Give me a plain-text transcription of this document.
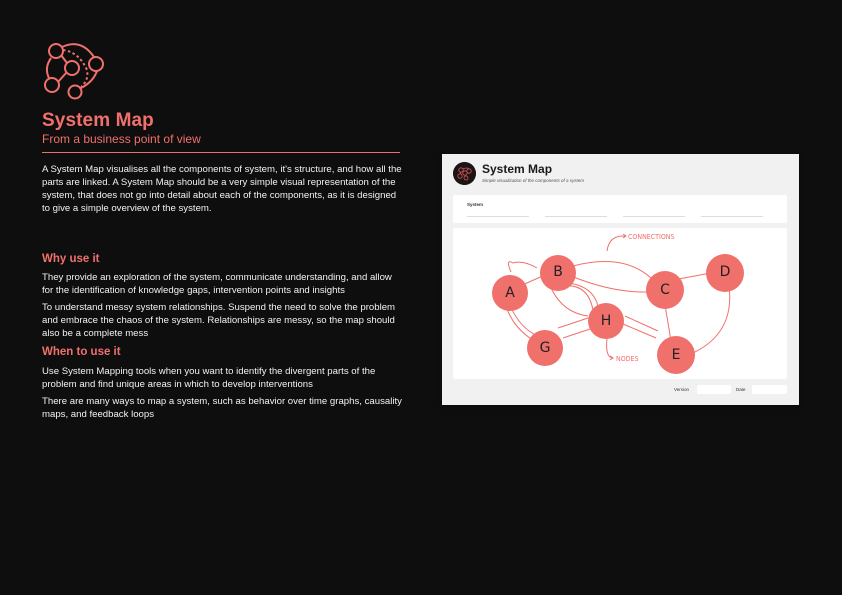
System Map

From a business point of view

A System Map visualises all the components of system, it's structure, and how all the parts are linked. A System Map should be a very simple visual representation of the system, that does not go into detail about each of the components, as it is designed to give a simple overview of the system.

Why use it

They provide an exploration of the system, communicate understanding, and allow for the identification of knowledge gaps, intervention points and insights

To understand messy system relationships. Suspend the need to solve the problem and embrace the chaos of the system. Relationships are messy, so the map should also be a complete mess

When to use it

Use System Mapping tools when you want to identify the divergent parts of the problem and find unique areas in which to develop interventions

There are many ways to map a system, such as behavior over time graphs, causality maps, and feedback loops

System Map
Simple visualization of the components of a system
System
A
B
C
D
E
G
H
CONNECTIONS
NODES
Version	Date
